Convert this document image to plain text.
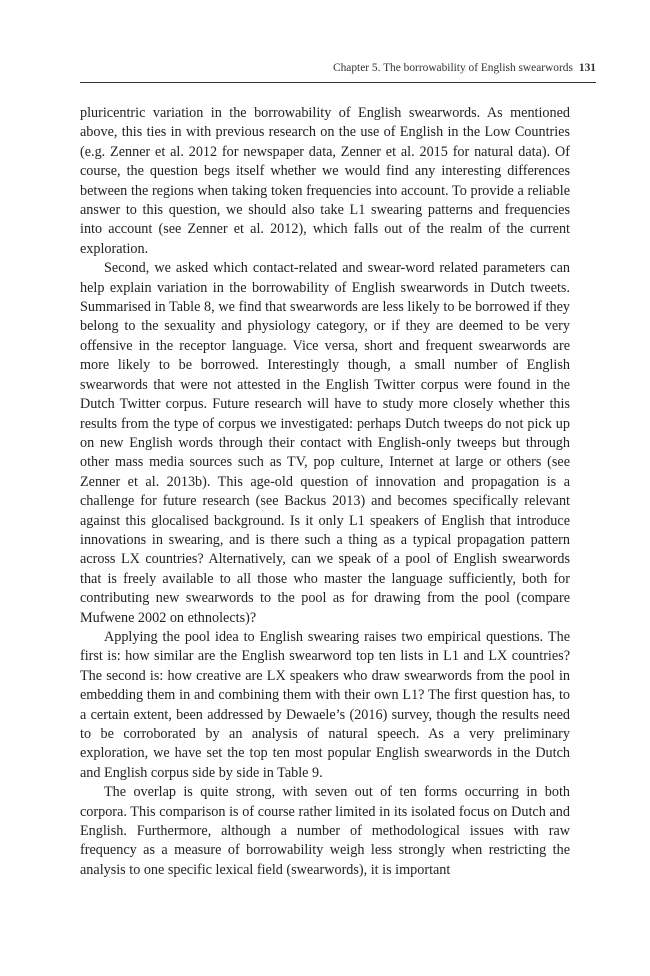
Chapter 5. The borrowability of English swearwords 131

pluricentric variation in the borrowability of English swearwords. As mentioned above, this ties in with previous research on the use of English in the Low Countries (e.g. Zenner et al. 2012 for newspaper data, Zenner et al. 2015 for natural data). Of course, the question begs itself whether we would find any interesting differences between the regions when taking token frequencies into account. To provide a reliable answer to this question, we should also take L1 swearing patterns and frequencies into account (see Zenner et al. 2012), which falls out of the realm of the current exploration.

Second, we asked which contact-related and swear-word related parameters can help explain variation in the borrowability of English swearwords in Dutch tweets. Summarised in Table 8, we find that swearwords are less likely to be borrowed if they belong to the sexuality and physiology category, or if they are deemed to be very offensive in the receptor language. Vice versa, short and frequent swearwords are more likely to be borrowed. Interestingly though, a small number of English swearwords that were not attested in the English Twitter corpus were found in the Dutch Twitter corpus. Future research will have to study more closely whether this results from the type of corpus we investigated: perhaps Dutch tweeps do not pick up on new English words through their contact with English-only tweeps but through other mass media sources such as TV, pop culture, Internet at large or others (see Zenner et al. 2013b). This age-old question of innovation and propagation is a challenge for future research (see Backus 2013) and becomes specifically relevant against this glocalised background. Is it only L1 speakers of English that introduce innovations in swearing, and is there such a thing as a typical propagation pattern across LX countries? Alternatively, can we speak of a pool of English swearwords that is freely available to all those who master the language sufficiently, both for contributing new swearwords to the pool as for drawing from the pool (compare Mufwene 2002 on ethnolects)?

Applying the pool idea to English swearing raises two empirical questions. The first is: how similar are the English swearword top ten lists in L1 and LX countries? The second is: how creative are LX speakers who draw swearwords from the pool in embedding them in and combining them with their own L1? The first question has, to a certain extent, been addressed by Dewaele’s (2016) survey, though the results need to be corroborated by an analysis of natural speech. As a very preliminary exploration, we have set the top ten most popular English swearwords in the Dutch and English corpus side by side in Table 9.

The overlap is quite strong, with seven out of ten forms occurring in both corpora. This comparison is of course rather limited in its isolated focus on Dutch and English. Furthermore, although a number of methodological issues with raw frequency as a measure of borrowability weigh less strongly when restricting the analysis to one specific lexical field (swearwords), it is important
